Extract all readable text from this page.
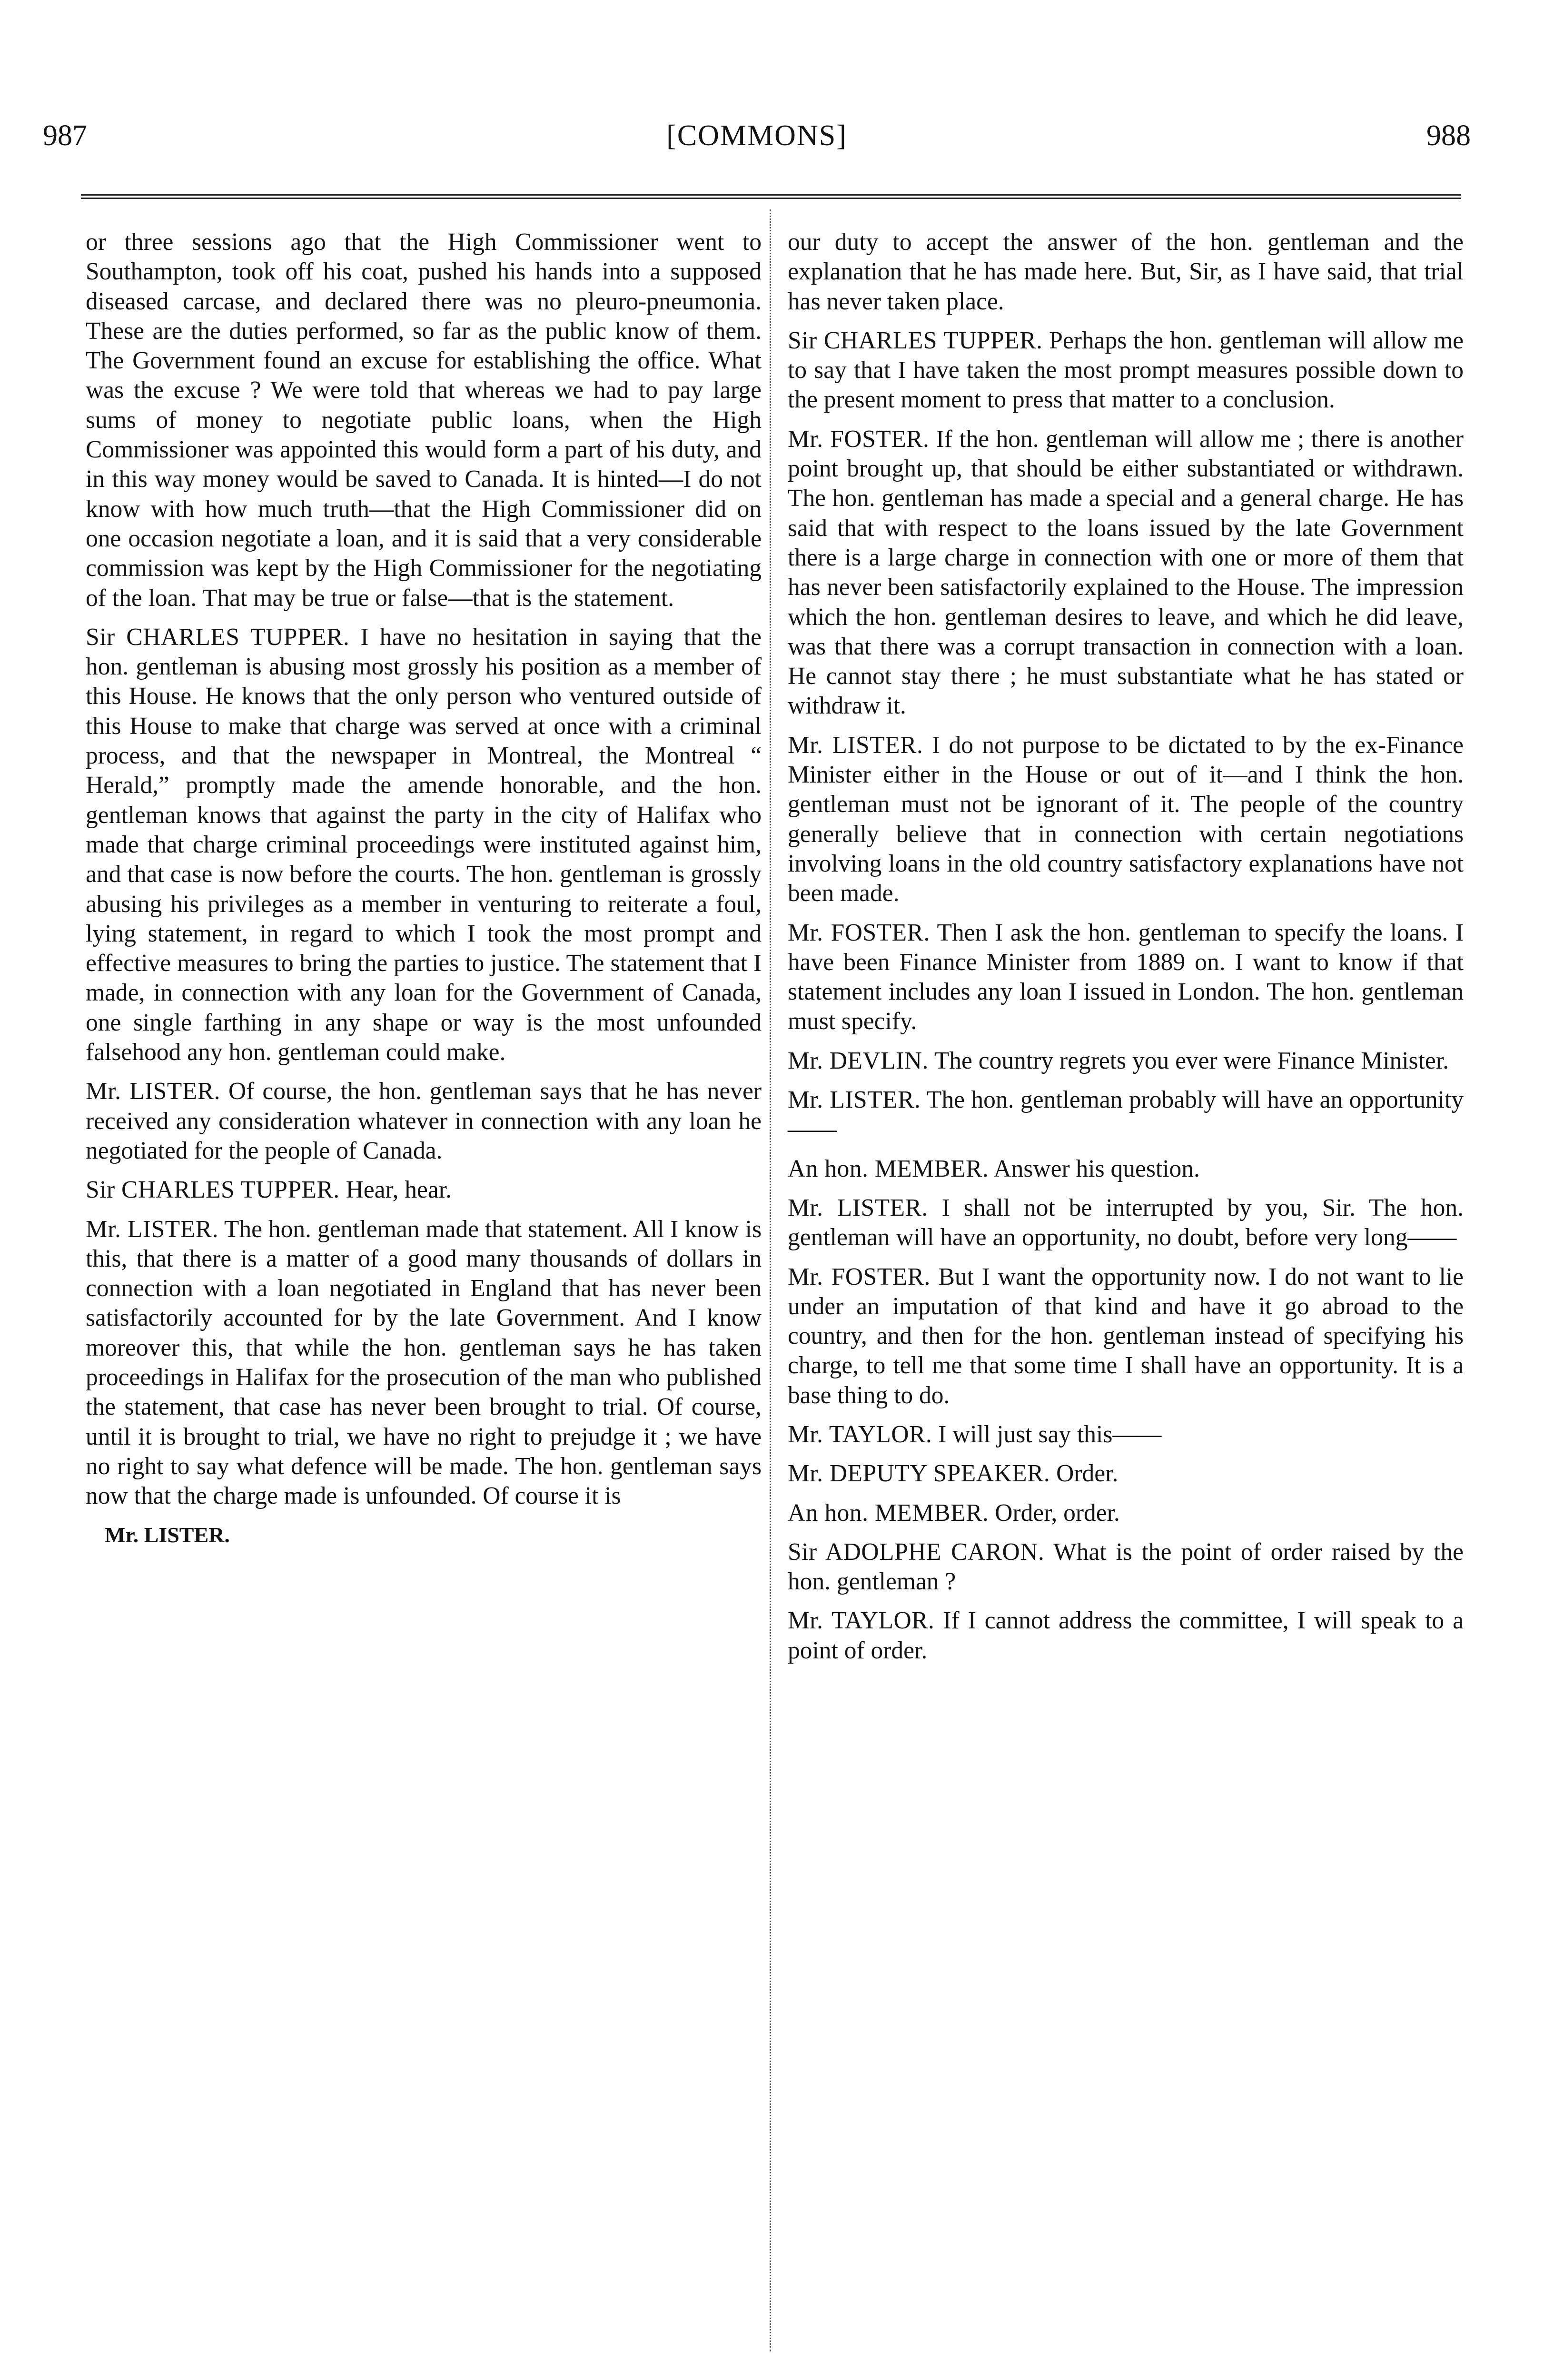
987	[COMMONS]	988

or three sessions ago that the High Commissioner went to Southampton, took off his coat, pushed his hands into a supposed diseased carcase, and declared there was no pleuro-pneumonia. These are the duties performed, so far as the public know of them. The Government found an excuse for establishing the office. What was the excuse ? We were told that whereas we had to pay large sums of money to negotiate public loans, when the High Commissioner was appointed this would form a part of his duty, and in this way money would be saved to Canada. It is hinted—I do not know with how much truth—that the High Commissioner did on one occasion negotiate a loan, and it is said that a very considerable commission was kept by the High Commissioner for the negotiating of the loan. That may be true or false—that is the statement.

Sir CHARLES TUPPER. I have no hesitation in saying that the hon. gentleman is abusing most grossly his position as a member of this House. He knows that the only person who ventured outside of this House to make that charge was served at once with a criminal process, and that the newspaper in Montreal, the Montreal “ Herald,” promptly made the amende honorable, and the hon. gentleman knows that against the party in the city of Halifax who made that charge criminal proceedings were instituted against him, and that case is now before the courts. The hon. gentleman is grossly abusing his privileges as a member in venturing to reiterate a foul, lying statement, in regard to which I took the most prompt and effective measures to bring the parties to justice. The statement that I made, in connection with any loan for the Government of Canada, one single farthing in any shape or way is the most unfounded falsehood any hon. gentleman could make.

Mr. LISTER. Of course, the hon. gentleman says that he has never received any consideration whatever in connection with any loan he negotiated for the people of Canada.

Sir CHARLES TUPPER. Hear, hear.

Mr. LISTER. The hon. gentleman made that statement. All I know is this, that there is a matter of a good many thousands of dollars in connection with a loan negotiated in England that has never been satisfactorily accounted for by the late Government. And I know moreover this, that while the hon. gentleman says he has taken proceedings in Halifax for the prosecution of the man who published the statement, that case has never been brought to trial. Of course, until it is brought to trial, we have no right to prejudge it ; we have no right to say what defence will be made. The hon. gentleman says now that the charge made is unfounded. Of course it is

Mr. LISTER.

our duty to accept the answer of the hon. gentleman and the explanation that he has made here. But, Sir, as I have said, that trial has never taken place.

Sir CHARLES TUPPER. Perhaps the hon. gentleman will allow me to say that I have taken the most prompt measures possible down to the present moment to press that matter to a conclusion.

Mr. FOSTER. If the hon. gentleman will allow me ; there is another point brought up, that should be either substantiated or withdrawn. The hon. gentleman has made a special and a general charge. He has said that with respect to the loans issued by the late Government there is a large charge in connection with one or more of them that has never been satisfactorily explained to the House. The impression which the hon. gentleman desires to leave, and which he did leave, was that there was a corrupt transaction in connection with a loan. He cannot stay there ; he must substantiate what he has stated or withdraw it.

Mr. LISTER. I do not purpose to be dictated to by the ex-Finance Minister either in the House or out of it—and I think the hon. gentleman must not be ignorant of it. The people of the country generally believe that in connection with certain negotiations involving loans in the old country satisfactory explanations have not been made.

Mr. FOSTER. Then I ask the hon. gentleman to specify the loans. I have been Finance Minister from 1889 on. I want to know if that statement includes any loan I issued in London. The hon. gentleman must specify.

Mr. DEVLIN. The country regrets you ever were Finance Minister.

Mr. LISTER. The hon. gentleman probably will have an opportunity——

An hon. MEMBER. Answer his question.

Mr. LISTER. I shall not be interrupted by you, Sir. The hon. gentleman will have an opportunity, no doubt, before very long——

Mr. FOSTER. But I want the opportunity now. I do not want to lie under an imputation of that kind and have it go abroad to the country, and then for the hon. gentleman instead of specifying his charge, to tell me that some time I shall have an opportunity. It is a base thing to do.

Mr. TAYLOR. I will just say this——

Mr. DEPUTY SPEAKER. Order.

An hon. MEMBER. Order, order.

Sir ADOLPHE CARON. What is the point of order raised by the hon. gentleman ?

Mr. TAYLOR. If I cannot address the committee, I will speak to a point of order.
